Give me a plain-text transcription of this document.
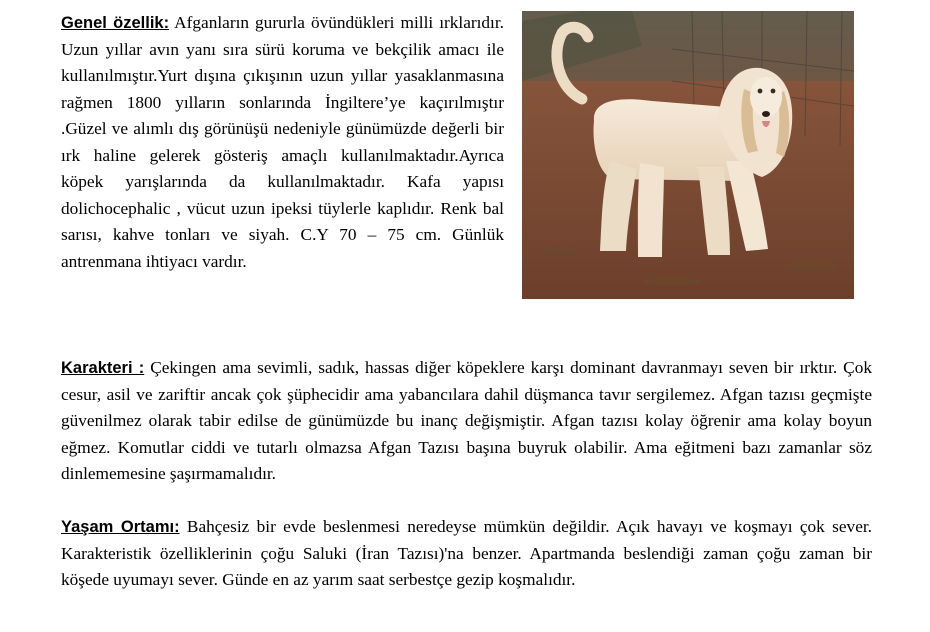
Genel özellik: Afganların gururla övündükleri milli ırklarıdır. Uzun yıllar avın yanı sıra sürü koruma ve bekçilik amacı ile kullanılmıştır.Yurt dışına çıkışının uzun yıllar yasaklanmasına rağmen 1800 yılların sonlarında İngiltere’ye kaçırılmıştır .Güzel ve alımlı dış görünüşü nedeniyle günümüzde değerli bir ırk haline gelerek gösteriş amaçlı kullanılmaktadır.Ayrıca köpek yarışlarında da kullanılmaktadır. Kafa yapısı dolichocephalic , vücut uzun ipeksi tüylerle kaplıdır. Renk bal sarısı, kahve tonları ve siyah. C.Y 70 – 75 cm. Günlük antrenmana ihtiyacı vardır.
Karakteri : Çekingen ama sevimli, sadık, hassas diğer köpeklere karşı dominant davranmayı seven bir ırktır. Çok cesur, asil ve zariftir ancak çok şüphecidir ama yabancılara dahil düşmanca tavır sergilemez. Afgan tazısı geçmişte güvenilmez olarak tabir edilse de günümüzde bu inanç değişmiştir. Afgan tazısı kolay öğrenir ama kolay boyun eğmez. Komutlar ciddi ve tutarlı olmazsa Afgan Tazısı başına buyruk olabilir. Ama eğitmeni bazı zamanlar söz dinlememesine şaşırmamalıdır.
Yaşam Ortamı: Bahçesiz bir evde beslenmesi neredeyse mümkün değildir. Açık havayı ve koşmayı çok sever. Karakteristik özelliklerinin çoğu Saluki (İran Tazısı)'na benzer. Apartmanda beslendiği zaman çoğu zaman bir köşede uyumayı sever. Günde en az yarım saat serbestçe gezip koşmalıdır.
